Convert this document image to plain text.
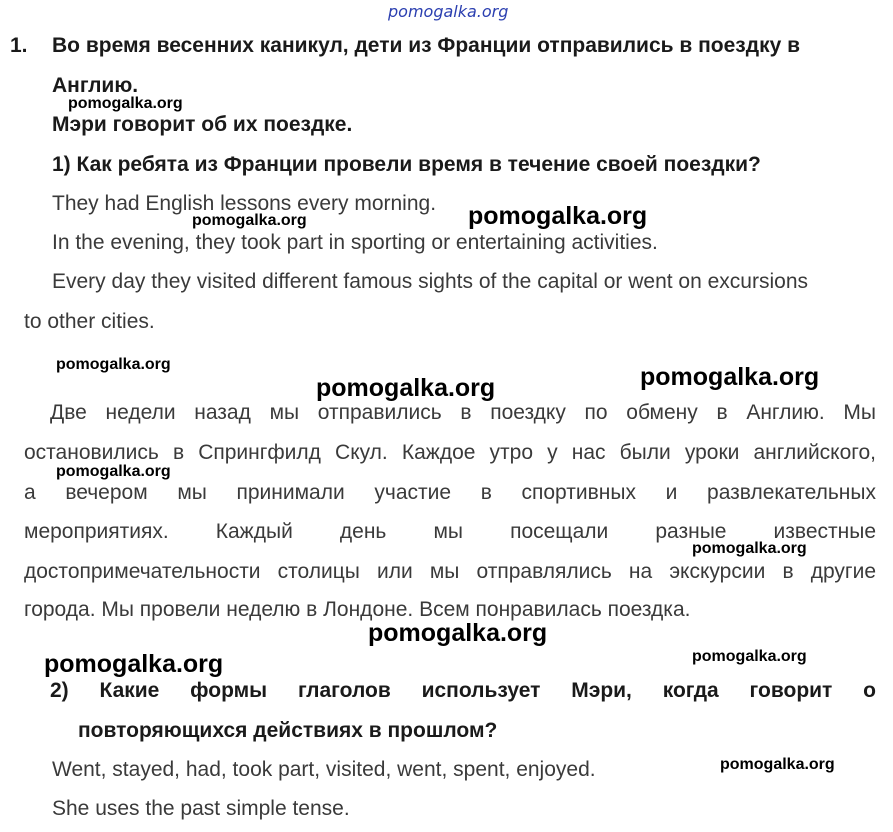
pomogalka.org
1. Во время весенних каникул, дети из Франции отправились в поездку в
Англию.
Мэри говорит об их поездке.
1) Как ребята из Франции провели время в течение своей поездки?
They had English lessons every morning.
In the evening, they took part in sporting or entertaining activities.
Every day they visited different famous sights of the capital or went on excursions
to other cities.
Две недели назад мы отправились в поездку по обмену в Англию. Мы
остановились в Спрингфилд Скул. Каждое утро у нас были уроки английского,
а вечером мы принимали участие в спортивных и развлекательных
мероприятиях. Каждый день мы посещали разные известные
достопримечательности столицы или мы отправлялись на экскурсии в другие
города. Мы провели неделю в Лондоне. Всем понравилась поездка.
2) Какие формы глаголов использует Мэри, когда говорит о
повторяющихся действиях в прошлом?
Went, stayed, had, took part, visited, went, spent, enjoyed.
She uses the past simple tense.
pomogalka.org
pomogalka.org	pomogalka.org
pomogalka.org
pomogalka.org	pomogalka.org
pomogalka.org
pomogalka.org
pomogalka.org
pomogalka.org	pomogalka.org
pomogalka.org
